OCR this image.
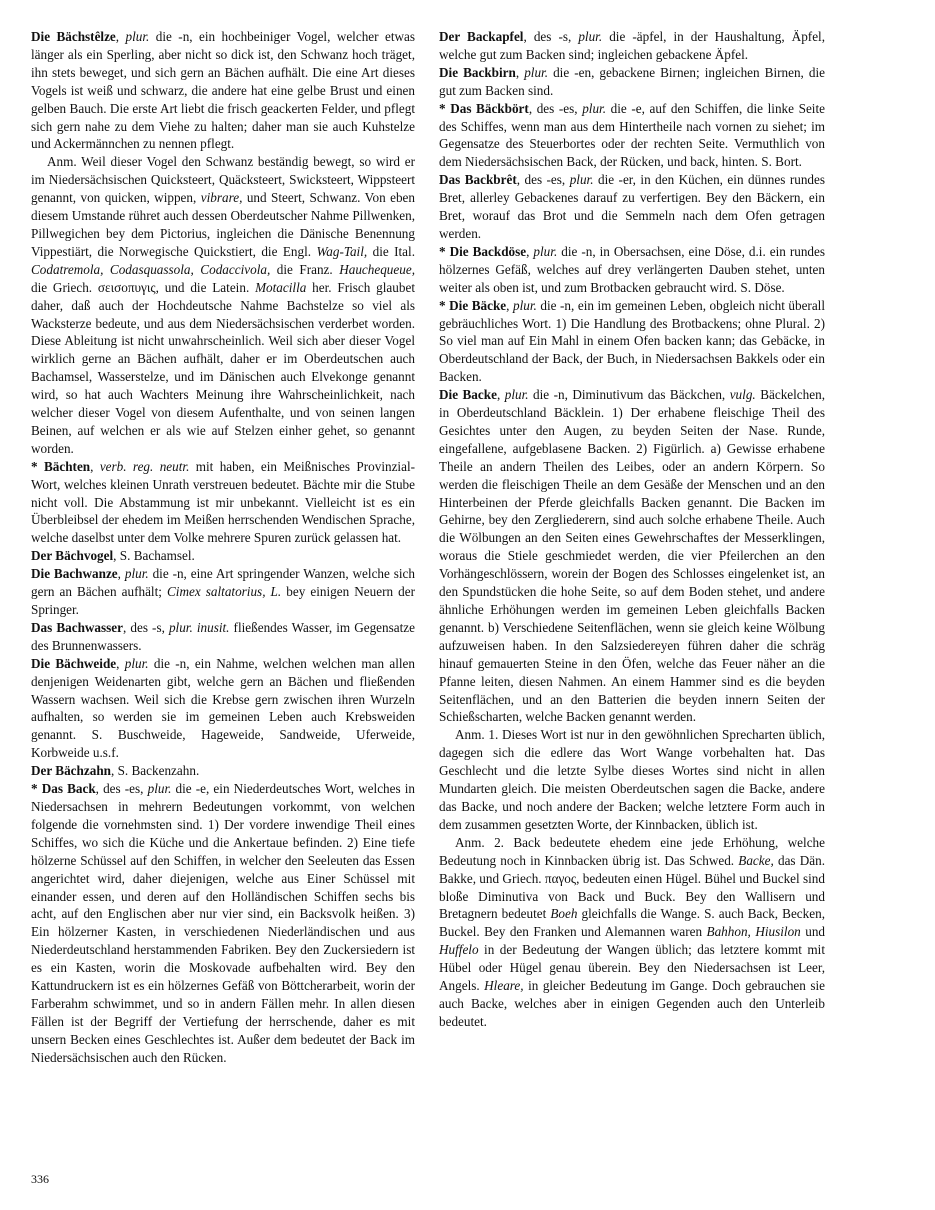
Die Bächstêlze, plur. die -n, ein hochbeiniger Vogel, welcher etwas länger als ein Sperling, aber nicht so dick ist, den Schwanz hoch träget, ihn stets beweget, und sich gern an Bächen aufhält. Die eine Art dieses Vogels ist weiß und schwarz, die andere hat eine gelbe Brust und einen gelben Bauch. Die erste Art liebt die frisch geackerten Felder, und pflegt sich gern nahe zu dem Viehe zu halten; daher man sie auch Kuhstelze und Ackermännchen zu nennen pflegt.

Anm. Weil dieser Vogel den Schwanz beständig bewegt, so wird er im Niedersächsischen Quicksteert, Quäcksteert, Swicksteert, Wippsteert genannt, von quicken, wippen, vibrare, und Steert, Schwanz. Von eben diesem Umstande rühret auch dessen Oberdeutscher Nahme Pillwenken, Pillwegichen bey dem Pictorius, ingleichen die Dänische Benennung Vippestiärt, die Norwegische Quickstiert, die Engl. Wag-Tail, die Ital. Codatremola, Codasquassola, Codaccivola, die Franz. Hauchequeue, die Griech. σεισοπυγις, und die Latein. Motacilla her. Frisch glaubet daher, daß auch der Hochdeutsche Nahme Bachstelze so viel als Wacksterze bedeute, und aus dem Niedersächsischen verderbet worden. Diese Ableitung ist nicht unwahrscheinlich. Weil sich aber dieser Vogel wirklich gerne an Bächen aufhält, daher er im Oberdeutschen auch Bachamsel, Wasserstelze, und im Dänischen auch Elvekonge genannt wird, so hat auch Wachters Meinung ihre Wahrscheinlichkeit, nach welcher dieser Vogel von diesem Aufenthalte, und von seinen langen Beinen, auf welchen er als wie auf Stelzen einher gehet, so genannt worden.

* Bächten, verb. reg. neutr. mit haben, ein Meißnisches Provinzial-Wort, welches kleinen Unrath verstreuen bedeutet. Bächte mir die Stube nicht voll. Die Abstammung ist mir unbekannt. Vielleicht ist es ein Überbleibsel der ehedem im Meißen herrschenden Wendischen Sprache, welche daselbst unter dem Volke mehrere Spuren zurück gelassen hat.

Der Bächvogel, S. Bachamsel.

Die Bachwanze, plur. die -n, eine Art springender Wanzen, welche sich gern an Bächen aufhält; Cimex saltatorius, L. bey einigen Neuern der Springer.

Das Bachwasser, des -s, plur. inusit. fließendes Wasser, im Gegensatze des Brunnenwassers.

Die Bächweide, plur. die -n, ein Nahme, welchen welchen man allen denjenigen Weidenarten gibt, welche gern an Bächen und fließenden Wassern wachsen. Weil sich die Krebse gern zwischen ihren Wurzeln aufhalten, so werden sie im gemeinen Leben auch Krebsweiden genannt. S. Buschweide, Hageweide, Sandweide, Uferweide, Korbweide u.s.f.

Der Bächzahn, S. Backenzahn.

* Das Back, des -es, plur. die -e, ein Niederdeutsches Wort, welches in Niedersachsen in mehrern Bedeutungen vorkommt, von welchen folgende die vornehmsten sind. 1) Der vordere inwendige Theil eines Schiffes, wo sich die Küche und die Ankertaue befinden. 2) Eine tiefe hölzerne Schüssel auf den Schiffen, in welcher den Seeleuten das Essen angerichtet wird, daher diejenigen, welche aus Einer Schüssel mit einander essen, und deren auf den Holländischen Schiffen sechs bis acht, auf den Englischen aber nur vier sind, ein Backsvolk heißen. 3) Ein hölzerner Kasten, in verschiedenen Niederländischen und aus Niederdeutschland herstammenden Fabriken. Bey den Zuckersiedern ist es ein Kasten, worin die Moskovade aufbehalten wird. Bey den Kattundruckern ist es ein hölzernes Gefäß von Böttcherarbeit, worin der Farberahm schwimmet, und so in andern Fällen mehr. In allen diesen Fällen ist der Begriff der Vertiefung der herrschende, daher es mit unsern Becken eines Geschlechtes ist. Außer dem bedeutet der Back im Niedersächsischen auch den Rücken.

Der Backapfel, des -s, plur. die -äpfel, in der Haushaltung, Äpfel, welche gut zum Backen sind; ingleichen gebackene Äpfel.

Die Backbirn, plur. die -en, gebackene Birnen; ingleichen Birnen, die gut zum Backen sind.

* Das Bäckbört, des -es, plur. die -e, auf den Schiffen, die linke Seite des Schiffes, wenn man aus dem Hintertheile nach vornen zu siehet; im Gegensatze des Steuerbortes oder der rechten Seite. Vermuthlich von dem Niedersächsischen Back, der Rücken, und back, hinten. S. Bort.

Das Backbrêt, des -es, plur. die -er, in den Küchen, ein dünnes rundes Bret, allerley Gebackenes darauf zu verfertigen. Bey den Bäckern, ein Bret, worauf das Brot und die Semmeln nach dem Ofen getragen werden.

* Die Backdöse, plur. die -n, in Obersachsen, eine Döse, d.i. ein rundes hölzernes Gefäß, welches auf drey verlängerten Dauben stehet, unten weiter als oben ist, und zum Brotbacken gebraucht wird. S. Döse.

* Die Bäcke, plur. die -n, ein im gemeinen Leben, obgleich nicht überall gebräuchliches Wort. 1) Die Handlung des Brotbackens; ohne Plural. 2) So viel man auf Ein Mahl in einem Ofen backen kann; das Gebäcke, in Oberdeutschland der Back, der Buch, in Niedersachsen Bakkels oder ein Backen.

Die Backe, plur. die -n, Diminutivum das Bäckchen, vulg. Bäckelchen, in Oberdeutschland Bäcklein. 1) Der erhabene fleischige Theil des Gesichtes unter den Augen, zu beyden Seiten der Nase. Runde, eingefallene, aufgeblasene Backen. 2) Figürlich. a) Gewisse erhabene Theile an andern Theilen des Leibes, oder an andern Körpern. So werden die fleischigen Theile an dem Gesäße der Menschen und an den Hinterbeinen der Pferde gleichfalls Backen genannt. Die Backen im Gehirne, bey den Zergliederern, sind auch solche erhabene Theile. Auch die Wölbungen an den Seiten eines Gewehrschaftes der Messerklingen, woraus die Stiele geschmiedet werden, die vier Pfeilerchen an den Vorhängeschlössern, worein der Bogen des Schlosses eingelenket ist, an den Spundstücken die hohe Seite, so auf dem Boden stehet, und andere ähnliche Erhöhungen werden im gemeinen Leben gleichfalls Backen genannt. b) Verschiedene Seitenflächen, wenn sie gleich keine Wölbung aufzuweisen haben. In den Salzsiedereyen führen daher die schräg hinauf gemauerten Steine in den Öfen, welche das Feuer näher an die Pfanne leiten, diesen Nahmen. An einem Hammer sind es die beyden Seitenflächen, und an den Batterien die beyden innern Seiten der Schießscharten, welche Backen genannt werden.

Anm. 1. Dieses Wort ist nur in den gewöhnlichen Sprecharten üblich, dagegen sich die edlere das Wort Wange vorbehalten hat. Das Geschlecht und die letzte Sylbe dieses Wortes sind nicht in allen Mundarten gleich. Die meisten Oberdeutschen sagen die Backe, andere das Backe, und noch andere der Backen; welche letztere Form auch in dem zusammen gesetzten Worte, der Kinnbacken, üblich ist.

Anm. 2. Back bedeutete ehedem eine jede Erhöhung, welche Bedeutung noch in Kinnbacken übrig ist. Das Schwed. Backe, das Dän. Bakke, und Griech. παγος, bedeuten einen Hügel. Bühel und Buckel sind bloße Diminutiva von Back und Buck. Bey den Wallisern und Bretagnern bedeutet Boeh gleichfalls die Wange. S. auch Back, Becken, Buckel. Bey den Franken und Alemannen waren Bahhon, Hiusilon und Huffelo in der Bedeutung der Wangen üblich; das letztere kommt mit Hübel oder Hügel genau überein. Bey den Niedersachsen ist Leer, Angels. Hleare, in gleicher Bedeutung im Gange. Doch gebrauchen sie auch Backe, welches aber in einigen Gegenden auch den Unterleib bedeutet.

336
